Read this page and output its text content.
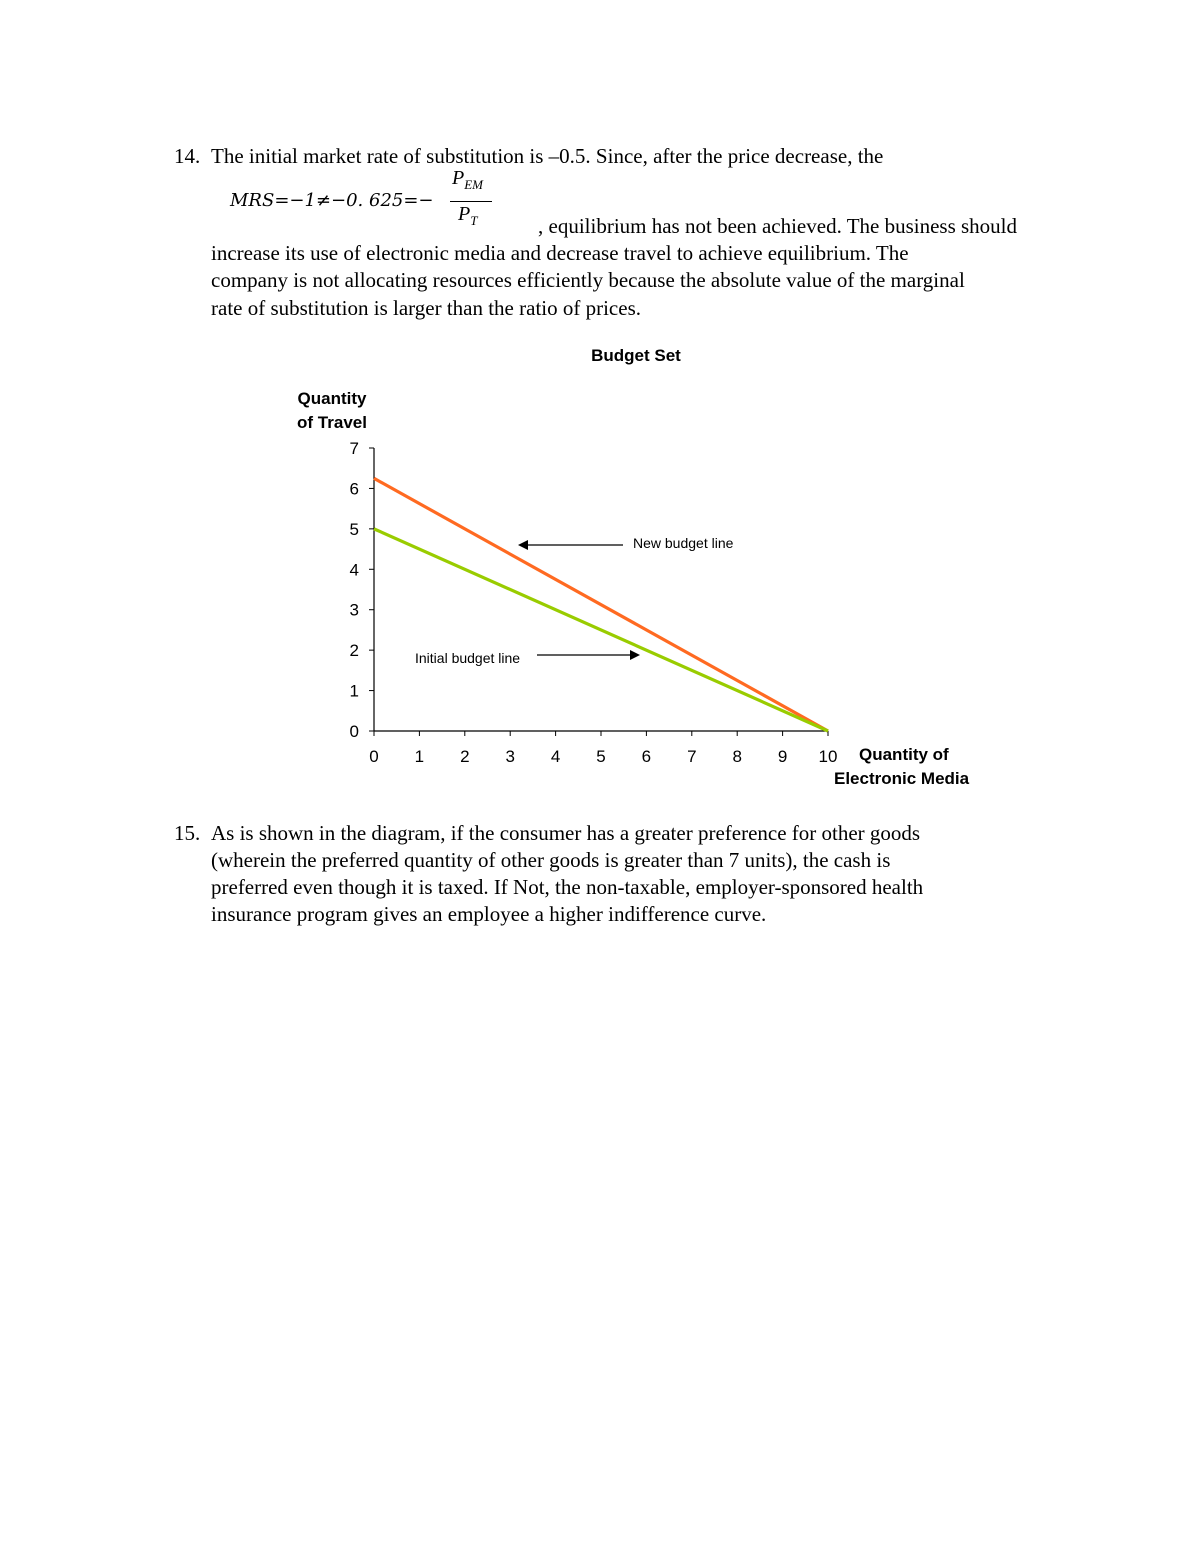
14. The initial market rate of substitution is –0.5. Since, after the price decrease, the
MRS=−1≠−0. 625=−
$P_{EM}$
$P_T$	, equilibrium has not been achieved. The business should
increase its use of electronic media and decrease travel to achieve equilibrium. The
company is not allocating resources efficiently because the absolute value of the marginal
rate of substitution is larger than the ratio of prices.
Budget Set
Quantity
of Travel
Quantity of
Electronic Media
0 1 2 3 4 5 6 7 8 9 10
0
1
2
3
4
5
6
7
New budget line
Initial budget line
15. As is shown in the diagram, if the consumer has a greater preference for other goods
(wherein the preferred quantity of other goods is greater than 7 units), the cash is
preferred even though it is taxed. If Not, the non-taxable, employer-sponsored health
insurance program gives an employee a higher indifference curve.
